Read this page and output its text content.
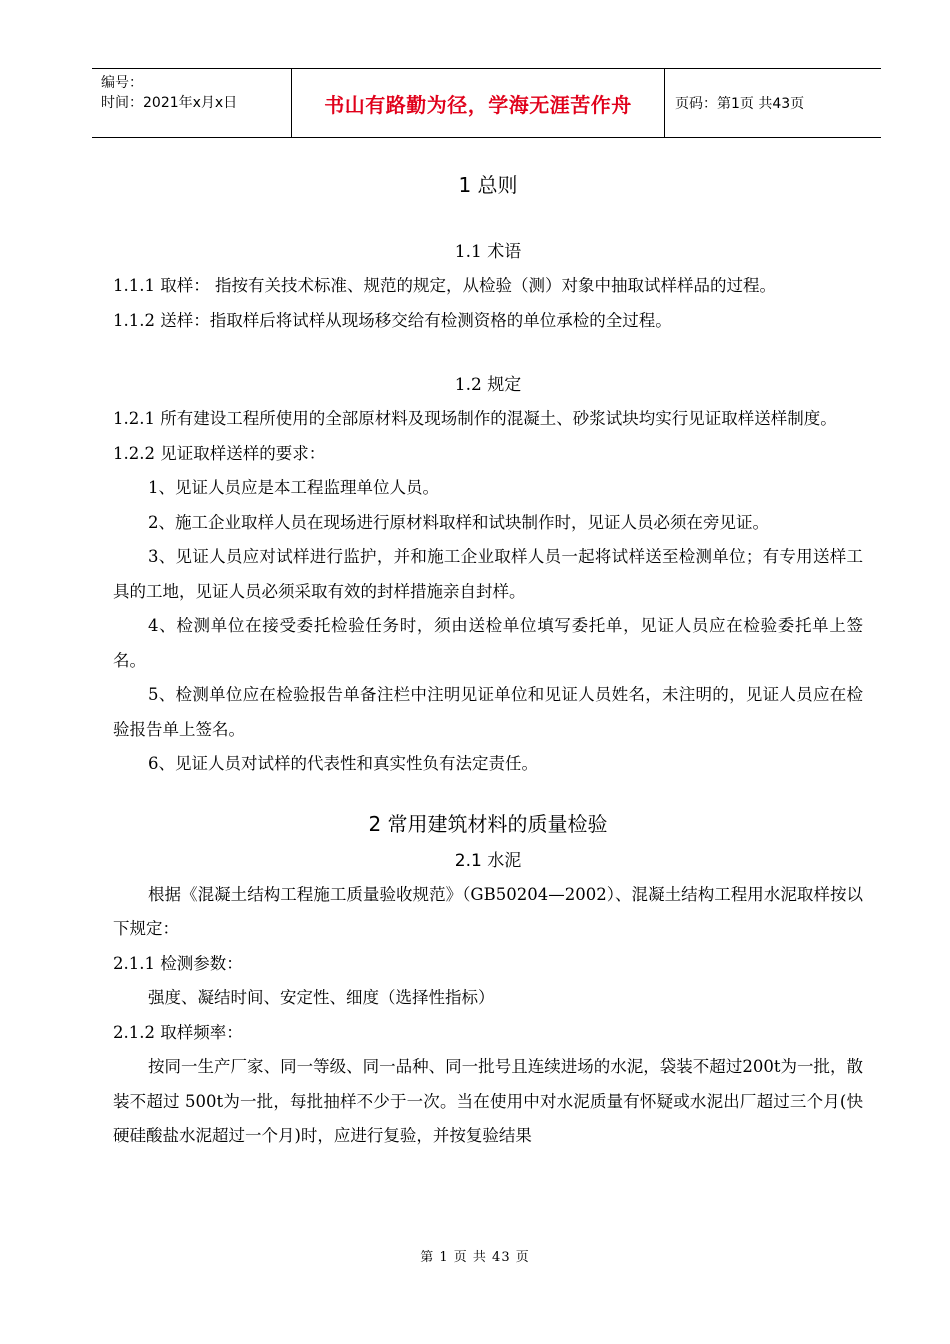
编号：
时间：2021年x月x日	书山有路勤为径，学海无涯苦作舟	页码：第1页 共43页
1 总则
1.1 术语

1.1.1 取样： 指按有关技术标准、规范的规定，从检验（测）对象中抽取试样样品的过程。

1.1.2 送样：指取样后将试样从现场移交给有检测资格的单位承检的全过程。

1.2 规定

1.2.1 所有建设工程所使用的全部原材料及现场制作的混凝土、砂浆试块均实行见证取样送样制度。

1.2.2 见证取样送样的要求：

1、见证人员应是本工程监理单位人员。

2、施工企业取样人员在现场进行原材料取样和试块制作时，见证人员必须在旁见证。

3、见证人员应对试样进行监护，并和施工企业取样人员一起将试样送至检测单位；有专用送样工具的工地，见证人员必须采取有效的封样措施亲自封样。

4、检测单位在接受委托检验任务时，须由送检单位填写委托单，见证人员应在检验委托单上签名。

5、检测单位应在检验报告单备注栏中注明见证单位和见证人员姓名，未注明的，见证人员应在检验报告单上签名。

6、见证人员对试样的代表性和真实性负有法定责任。

2 常用建筑材料的质量检验
2.1 水泥

根据《混凝土结构工程施工质量验收规范》（GB50204—2002）、混凝土结构工程用水泥取样按以下规定：

2.1.1 检测参数：

强度、凝结时间、安定性、细度（选择性指标）

2.1.2 取样频率：

按同一生产厂家、同一等级、同一品种、同一批号且连续进场的水泥，袋装不超过200t为一批，散装不超过 500t为一批，每批抽样不少于一次。当在使用中对水泥质量有怀疑或水泥出厂超过三个月(快硬硅酸盐水泥超过一个月)时，应进行复验，并按复验结果

第 1 页 共 43 页
